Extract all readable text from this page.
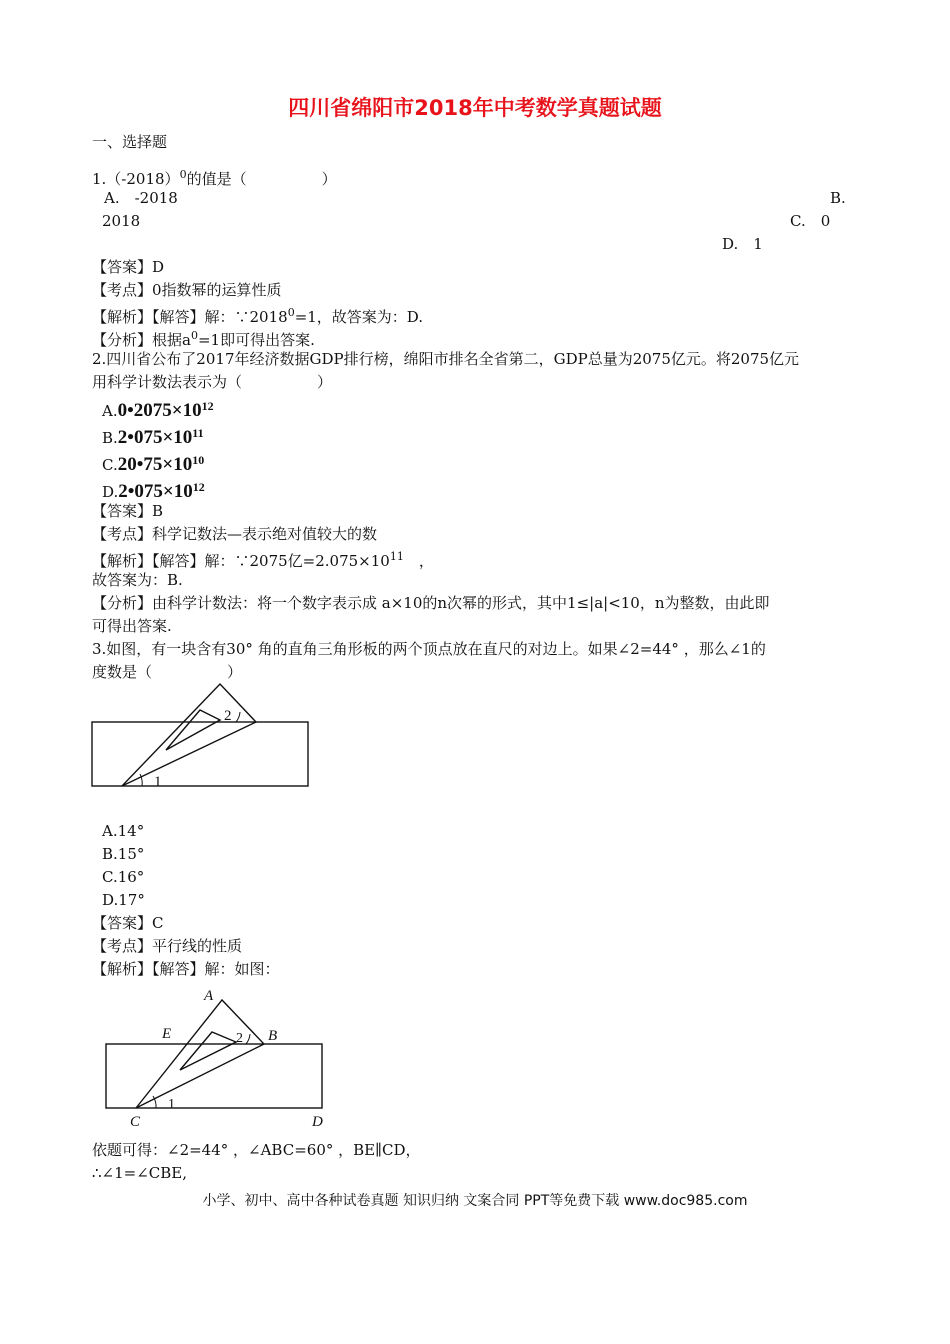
四川省绵阳市2018年中考数学真题试题
一、选择题
$1.(-2018)^0$的值是（　　　　　）
A.　-2018	B.
2018	C.　0
D.　1
【答案】D
【考点】0指数幂的运算性质
【解析】【解答】解：$\because 2018^0=1$，故答案为：D.
【分析】根据$a^0=1$即可得出答案.
2.四川省公布了2017年经济数据GDP排行榜，绵阳市排名全省第二，GDP总量为2075亿元。将2075亿元
用科学计数法表示为（　　　　　）
$A.0•2075\times 10^{12}$
$B.2•075\times 10^{11}$
$C.20•75\times 10^{10}$
$D.2•075\times 10^{12}$
【答案】B
【考点】科学记数法—表示绝对值较大的数
【解析】【解答】解：∵2075亿$=2.075\times 10^{11}$　，
故答案为：B.
【分析】由科学计数法：将一个数字表示成 a×10的n次幂的形式，其中1≤|a|<10，n为整数，由此即
可得出答案.
3.如图，有一块含有30° 角的直角三角形板的两个顶点放在直尺的对边上。如果∠2=44° ，那么∠1的
度数是（　　　　　）
1
2
A.14°
B.15°
C.16°
D.17°
【答案】C
【考点】平行线的性质
【解析】【解答】解：如图：
A
B
C	D
E
1
2
依题可得：∠2=44° ，∠ABC=60° ，BE∥CD，
∴∠1=∠CBE,
小学、初中、高中各种试卷真题 知识归纳 文案合同 PPT等免费下载 www.doc985.com
